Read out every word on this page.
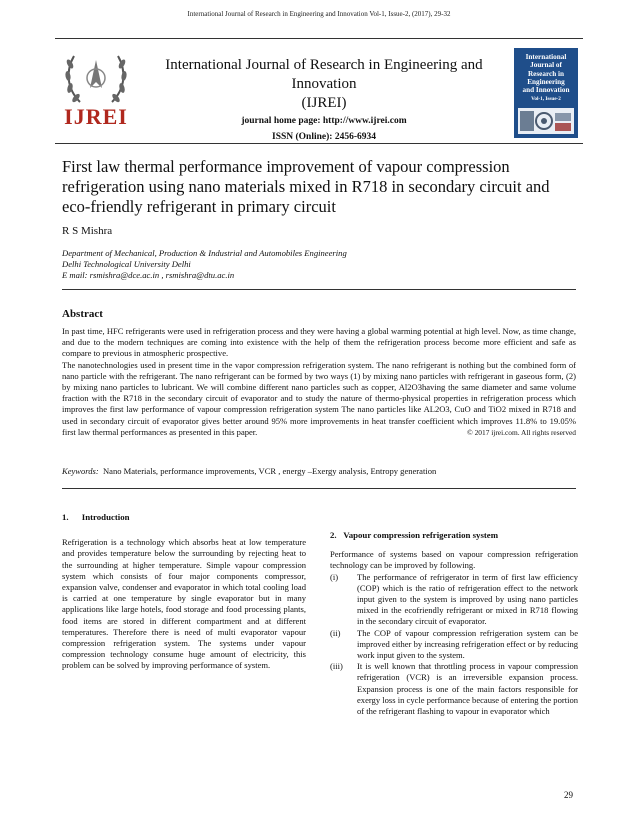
International Journal of Research in Engineering and Innovation Vol-1, Issue-2, (2017), 29-32
IJREI
International Journal of Research in Engineering and Innovation
(IJREI)
journal home page: http://www.ijrei.com
ISSN (Online): 2456-6934
International
Journal of
Research in
Engineering
and Innovation
Vol-1, Issue-2
First law thermal performance improvement of vapour compression
refrigeration using nano materials mixed in R718 in secondary circuit and
eco-friendly refrigerant in primary circuit
R S Mishra
Department of Mechanical, Production & Industrial and Automobiles Engineering
Delhi Technological University Delhi
E mail: rsmishra@dce.ac.in , rsmishra@dtu.ac.in
Abstract

In past time, HFC refrigerants were used in refrigeration process and they were having a global warming potential at high level. Now, as time change, and due to the modern techniques are coming into existence with the help of them the refrigeration process become more efficient and safe as compare to previous in atmospheric prospective.

The nanotechnologies used in present time in the vapor compression refrigeration system. The nano refrigerant is nothing but the combined form of nano particle with the refrigerant. The nano refrigerant can be formed by two ways (1) by mixing nano particles with refrigerant in gaseous form, (2) by mixing nano particles to lubricant. We will combine different nano particles such as copper, Al2O3having the same diameter and same volume fraction with the R718 in the secondary circuit of evaporator and to study the nature of thermo-physical properties in refrigeration process which improves the first law performance of vapour compression refrigeration system The nano particles like AL2O3, CuO and TiO2 mixed in R718 and used in secondary circuit of evaporator gives better around 95% more improvements in heat transfer coefficient which improves 11.8% to 19.05% first law thermal performances as presented in this paper.	© 2017 ijrei.com. All rights reserved

Keywords: Nano Materials, performance improvements, VCR , energy –Exergy analysis, Entropy generation
1.      Introduction

Refrigeration is a technology which absorbs heat at low temperature and provides temperature below the surrounding by rejecting heat to the surrounding at higher temperature. Simple vapour compression system which consists of four major components compressor, expansion valve, condenser and evaporator in which total cooling load is carried at one temperature by single evaporator but in many applications like large hotels, food storage and food processing plants, food items are stored in different compartment and at different temperatures. Therefore there is need of multi evaporator vapour compression refrigeration system. The systems under vapour compression technology consume huge amount of electricity, this problem can be solved by improving performance of system.

2.   Vapour compression refrigeration system

Performance of systems based on vapour compression refrigeration technology can be improved by following.

(i) The performance of refrigerator in term of first law efficiency (COP) which is the ratio of refrigeration effect to the network input given to the system is improved by using nano particles mixed in the ecofriendly refrigerant or mixed in R718 flowing in the secondary circuit of evaporator.
(ii) The COP of vapour compression refrigeration system can be improved either by increasing refrigeration effect or by reducing work input given to the system.
(iii) It is well known that throttling process in vapour compression refrigeration (VCR) is an irreversible expansion process. Expansion process is one of the main factors responsible for exergy loss in cycle performance because of entering the portion of the refrigerant flashing to vapour in evaporator which
29
